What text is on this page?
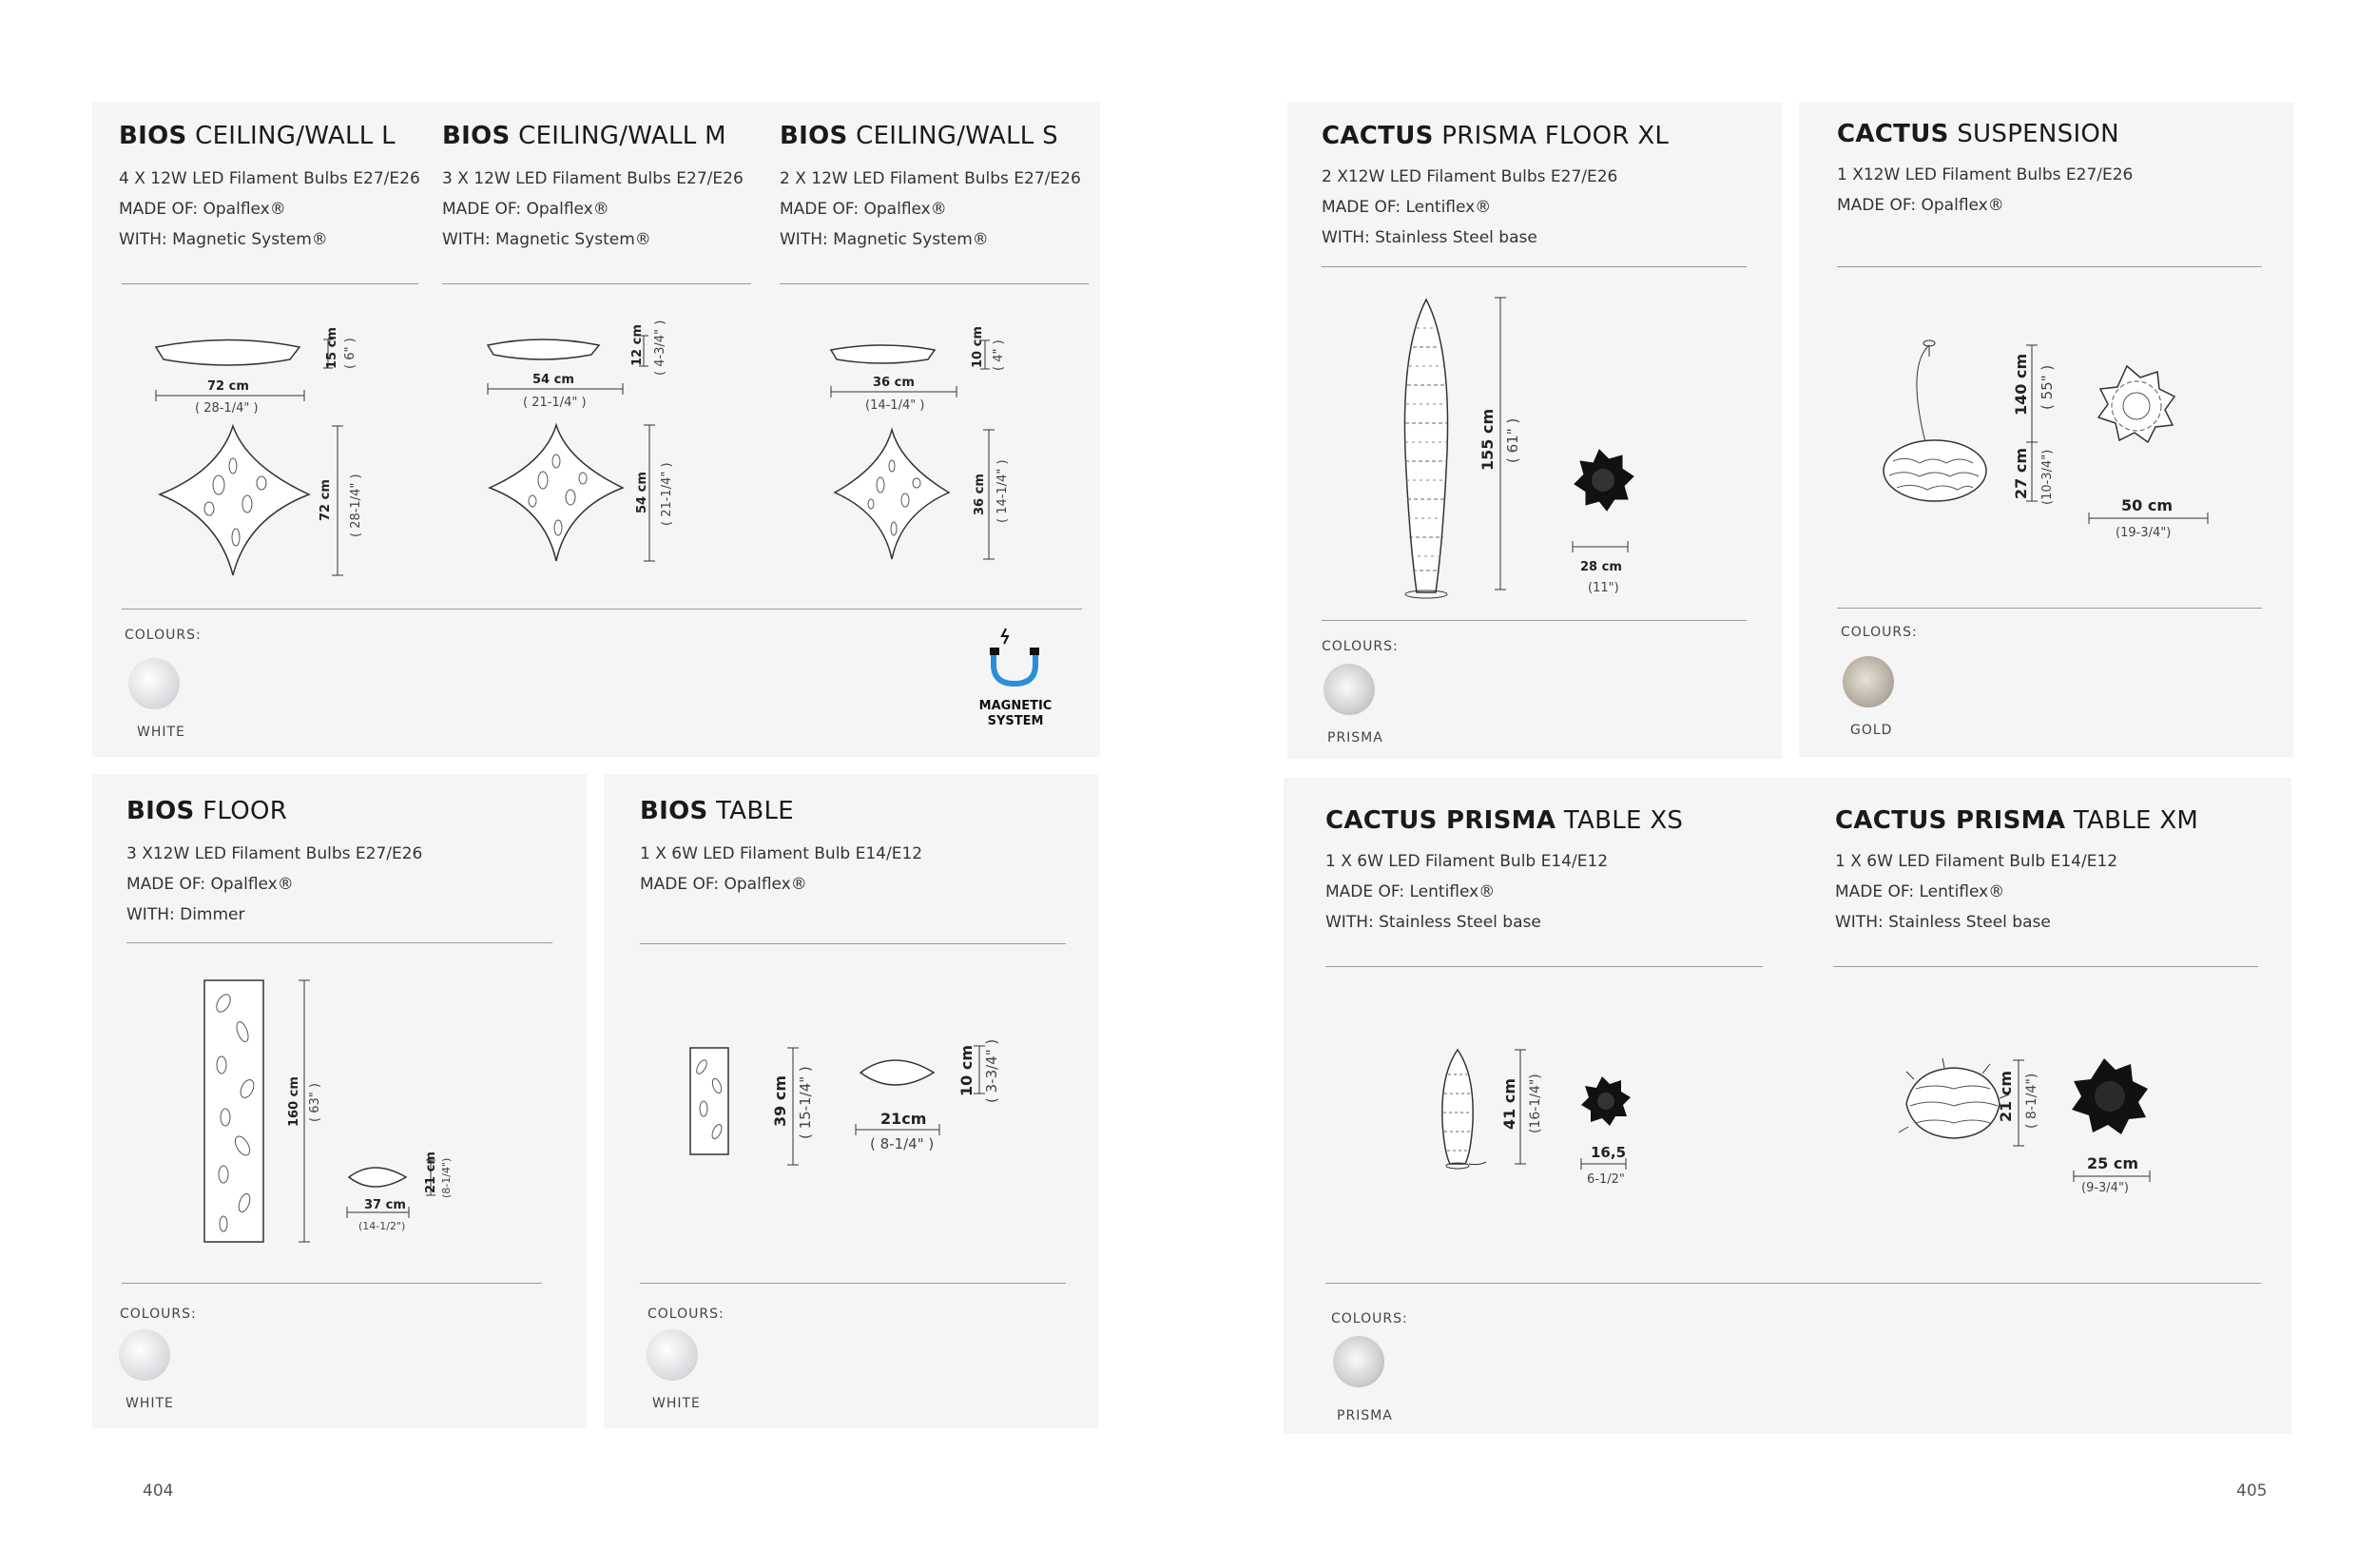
BIOS CEILING/WALL L
4 X 12W LED Filament Bulbs E27/E26
MADE OF: Opalflex®
WITH: Magnetic System®
BIOS CEILING/WALL M
3 X 12W LED Filament Bulbs E27/E26
MADE OF: Opalflex®
WITH: Magnetic System®
BIOS CEILING/WALL S
2 X 12W LED Filament Bulbs E27/E26
MADE OF: Opalflex®
WITH: Magnetic System®
15 cm ( 6" )
72 cm
( 28-1/4" )
72 cm ( 28-1/4" )
12 cm ( 4-3/4" )
54 cm
( 21-1/4" )
54 cm ( 21-1/4" )
10 cm ( 4" )
36 cm
(14-1/4" )
36 cm ( 14-1/4" )
COLOURS:
WHITE
MAGNETIC
SYSTEM
BIOS FLOOR
3 X12W LED Filament Bulbs E27/E26
MADE OF: Opalflex®
WITH: Dimmer
160 cm ( 63" )
37 cm
(14-1/2")
21 cm (8-1/4")
COLOURS:
WHITE
BIOS TABLE
1 X 6W LED Filament Bulb E14/E12
MADE OF: Opalflex®
39 cm ( 15-1/4" )	21cm
( 8-1/4" )
10 cm ( 3-3/4" )
COLOURS:
WHITE
404
CACTUS PRISMA FLOOR XL
2 X12W LED Filament Bulbs E27/E26
MADE OF: Lentiflex®
WITH: Stainless Steel base
155 cm ( 61" )
28 cm
(11")
COLOURS:
PRISMA
CACTUS SUSPENSION
1 X12W LED Filament Bulbs E27/E26
MADE OF: Opalflex®
140 cm ( 55" )
27 cm (10-3/4")
50 cm
(19-3/4")
COLOURS:
GOLD
CACTUS PRISMA TABLE XS
1 X 6W LED Filament Bulb E14/E12
MADE OF: Lentiflex®
WITH: Stainless Steel base
CACTUS PRISMA TABLE XM
1 X 6W LED Filament Bulb E14/E12
MADE OF: Lentiflex®
WITH: Stainless Steel base
41 cm (16-1/4")
16,5
6-1/2"
21 cm ( 8-1/4")
25 cm
(9-3/4")
COLOURS:
PRISMA
405
